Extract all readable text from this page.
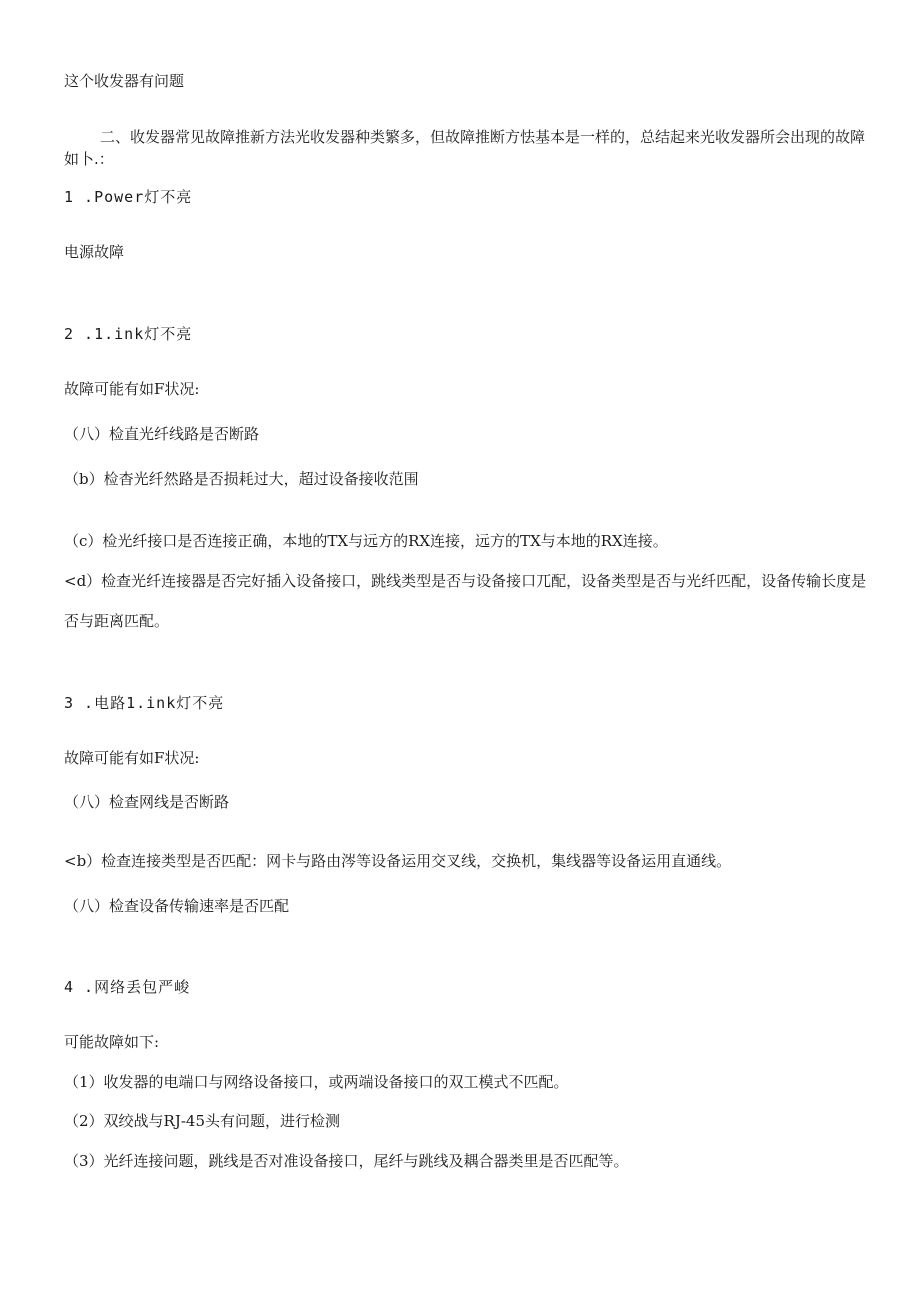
这个收发器有问题

二、收发器常见故障推新方法光收发器种类繁多，但故障推断方怯基本是一样的，总结起来光收发器所会出现的故障如卜.：

1 .Power灯不亮

电源故障

2 .1.ink灯不亮

故障可能有如F状况:

（八）检直光纤线路是否断路

（b）检杳光纤然路是否损耗过大，超过设备接收范围

（c）检光纤接口是否连接正确，本地的TX与远方的RX连接，远方的TX与本地的RX连接。

<d）检查光纤连接器是否完好插入设备接口，跳线类型是否与设备接口兀配，设备类型是否与光纤匹配，设备传输长度是否与距离匹配。

3 .电路1.ink灯不亮

故障可能有如F状况:

（八）检查网线是否断路

<b）检查连接类型是否匹配：网卡与路由涔等设备运用交叉线，交换机，集线器等设备运用直通线。

（八）检查设备传输速率是否匹配

4 .网络丢包严峻

可能故障如下:

（1）收发器的电端口与网络设备接口，或两端设备接口的双工模式不匹配。

（2）双绞战与RJ-45头有问题，进行检测

（3）光纤连接问题，跳线是否对准设备接口，尾纤与跳线及耦合器类里是否匹配等。
